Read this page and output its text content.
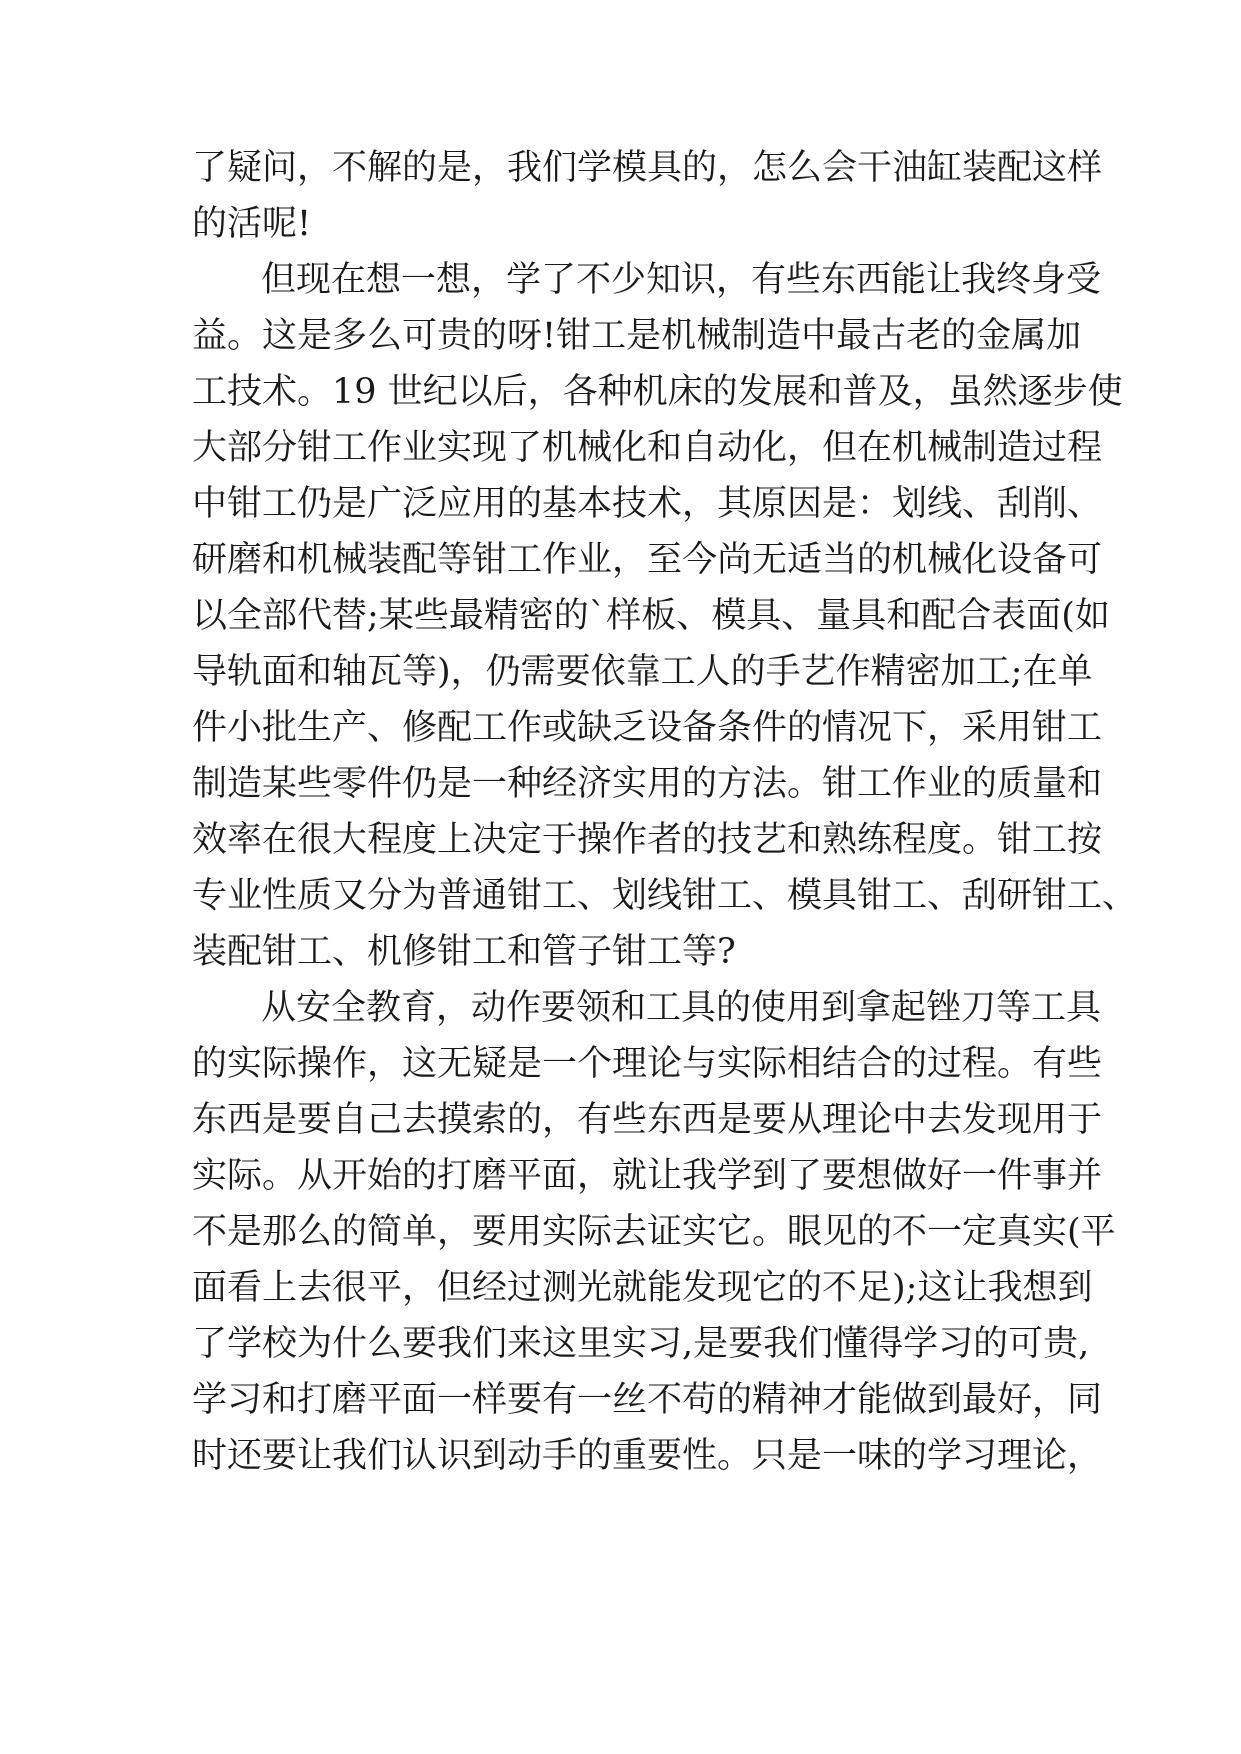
了疑问，不解的是，我们学模具的，怎么会干油缸装配这样

的活呢!

但现在想一想，学了不少知识，有些东西能让我终身受

益。这是多么可贵的呀!钳工是机械制造中最古老的金属加

工技术。19 世纪以后，各种机床的发展和普及，虽然逐步使

大部分钳工作业实现了机械化和自动化，但在机械制造过程

中钳工仍是广泛应用的基本技术，其原因是：划线、刮削、

研磨和机械装配等钳工作业，至今尚无适当的机械化设备可

以全部代替;某些最精密的`样板、模具、量具和配合表面(如

导轨面和轴瓦等)，仍需要依靠工人的手艺作精密加工;在单

件小批生产、修配工作或缺乏设备条件的情况下，采用钳工

制造某些零件仍是一种经济实用的方法。钳工作业的质量和

效率在很大程度上决定于操作者的技艺和熟练程度。钳工按

专业性质又分为普通钳工、划线钳工、模具钳工、刮研钳工、

装配钳工、机修钳工和管子钳工等?

从安全教育，动作要领和工具的使用到拿起锉刀等工具

的实际操作，这无疑是一个理论与实际相结合的过程。有些

东西是要自己去摸索的，有些东西是要从理论中去发现用于

实际。从开始的打磨平面，就让我学到了要想做好一件事并

不是那么的简单，要用实际去证实它。眼见的不一定真实(平

面看上去很平，但经过测光就能发现它的不足);这让我想到

了学校为什么要我们来这里实习,是要我们懂得学习的可贵,

学习和打磨平面一样要有一丝不苟的精神才能做到最好，同

时还要让我们认识到动手的重要性。只是一味的学习理论，
